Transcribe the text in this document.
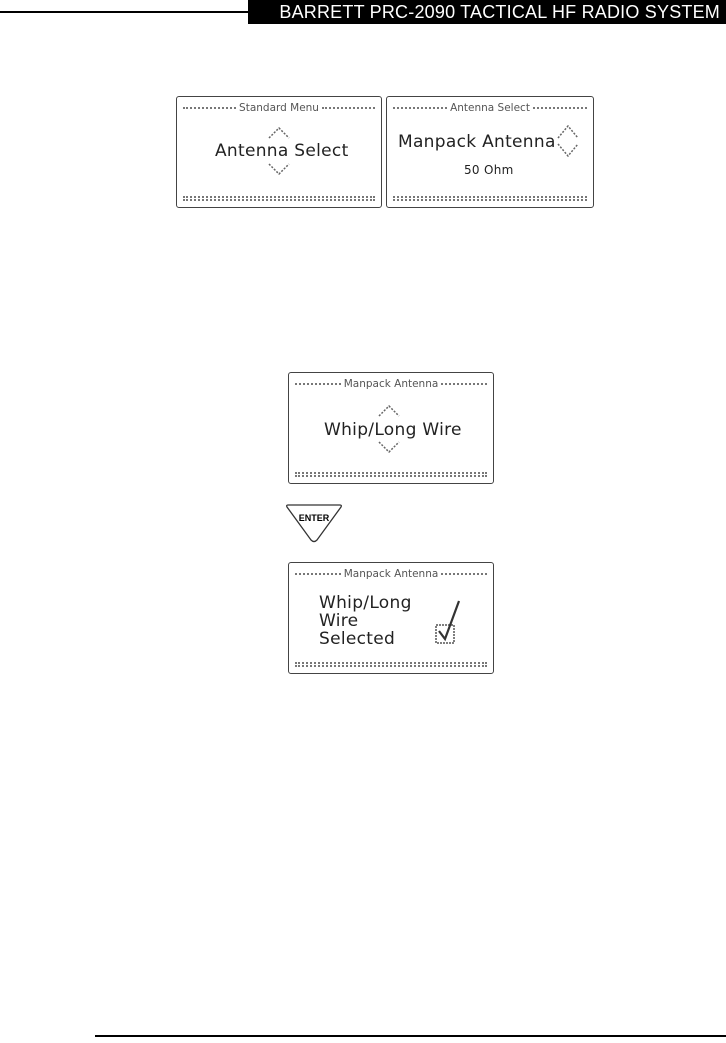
BARRETT PRC-2090 TACTICAL HF RADIO SYSTEM
Standard Menu
Antenna Select
Antenna Select
Manpack Antenna
50 Ohm
Manpack Antenna
Whip/Long Wire
ENTER
Manpack Antenna
Whip/Long
Wire
Selected
